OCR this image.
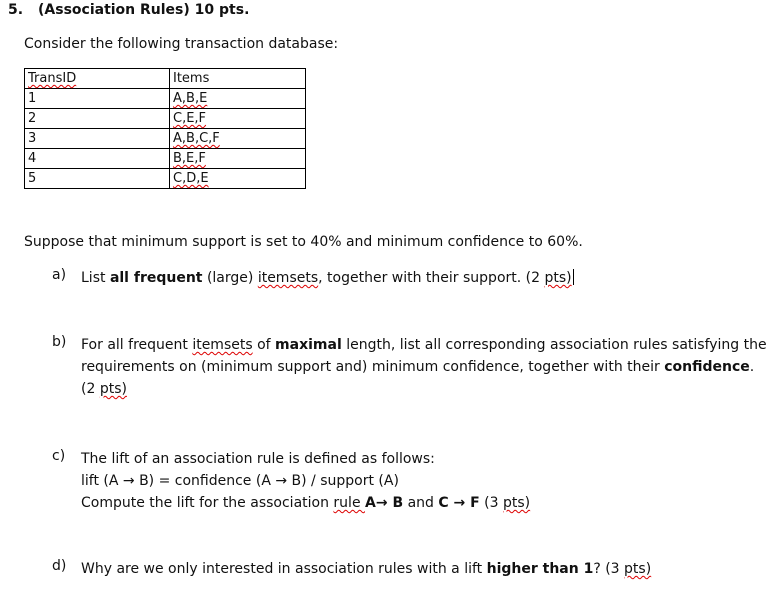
5. (Association Rules) 10 pts.
Consider the following transaction database:
TransID	Items
1	A,B,E
2	C,E,F
3	A,B,C,F
4	B,E,F
5	C,D,E
Suppose that minimum support is set to 40% and minimum confidence to 60%.
a) List all frequent (large) itemsets, together with their support. (2 pts)
b) For all frequent itemsets of maximal length, list all corresponding association rules satisfying the
requirements on (minimum support and) minimum confidence, together with their confidence.
(2 pts)
c) The lift of an association rule is defined as follows:
lift (A → B) = confidence (A → B) / support (A)
Compute the lift for the association rule A→ B and C → F (3 pts)
d) Why are we only interested in association rules with a lift higher than 1? (3 pts)
